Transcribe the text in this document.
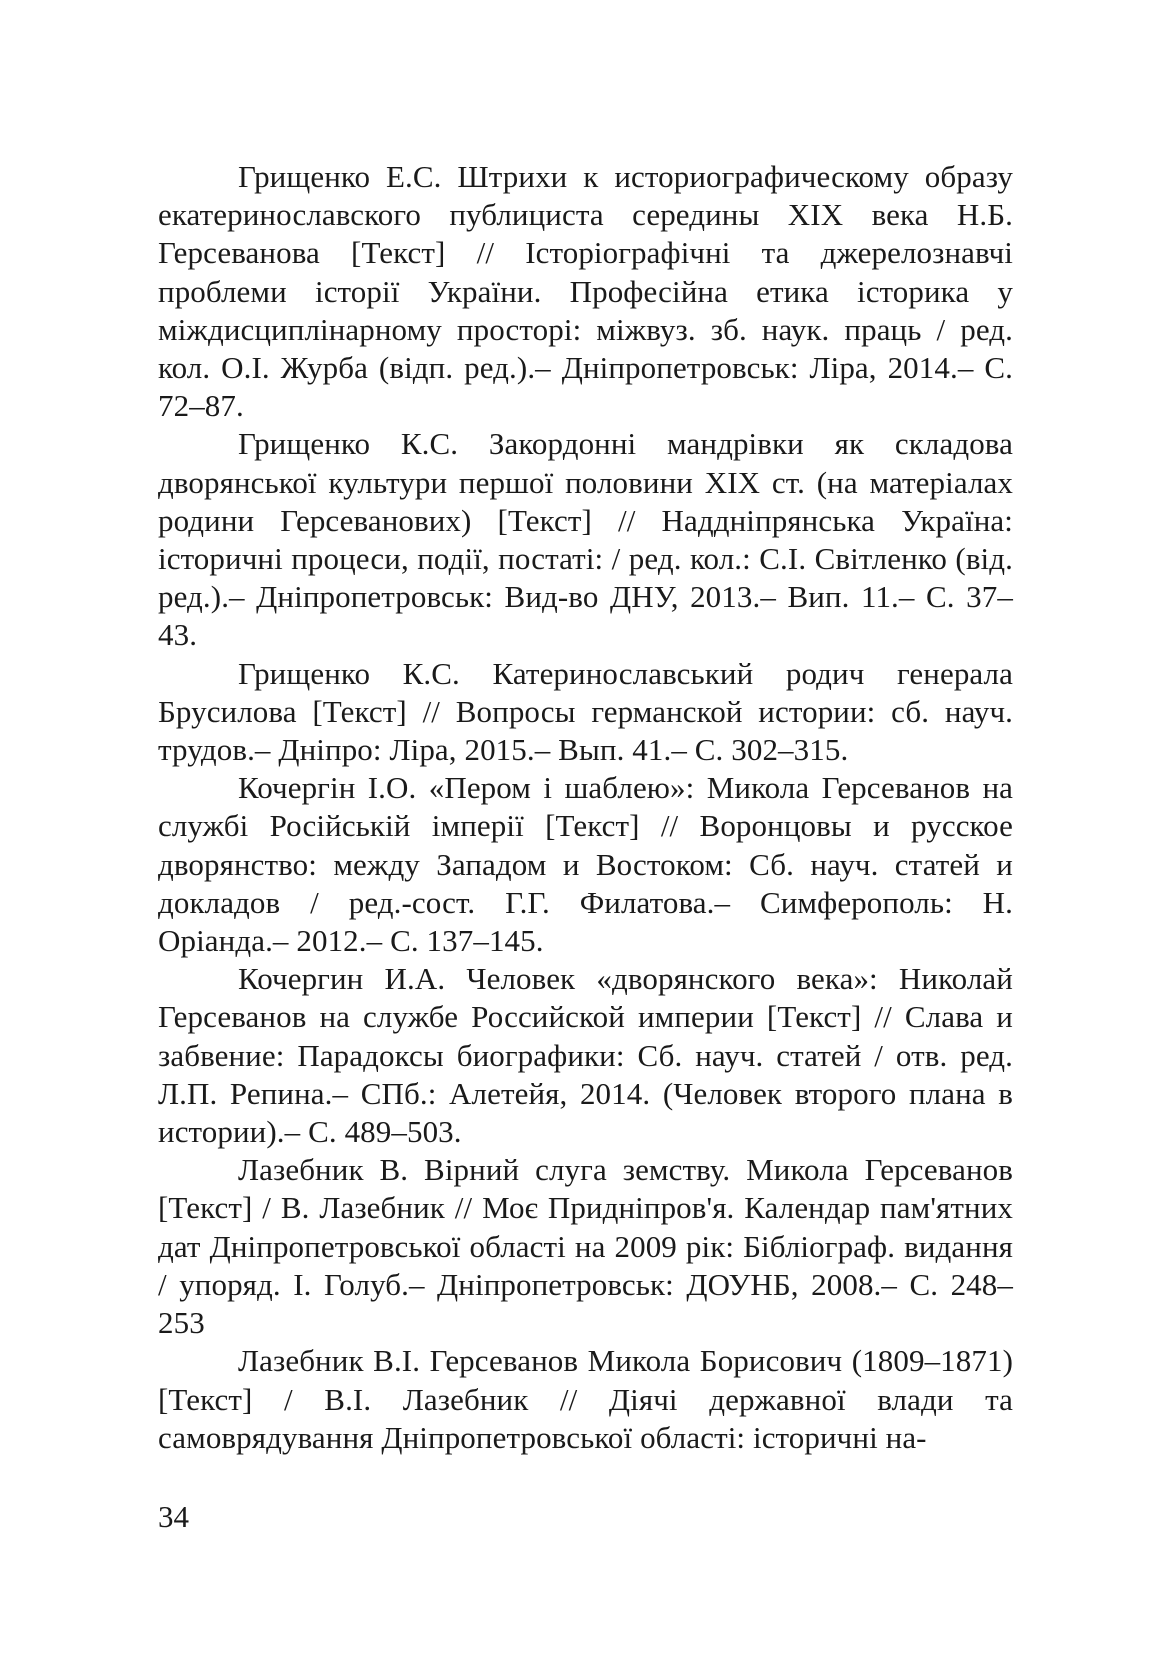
Грищенко Е.С. Штрихи к историографическому образу екатеринославского публициста середины XIX века Н.Б. Герсеванова [Текст] // Історіографічні та джерелознавчі проблеми історії України. Професійна етика історика у міждисциплінарному просторі: міжвуз. зб. наук. праць / ред. кол. О.І. Журба (відп. ред.).– Дніпропетровськ: Ліра, 2014.– С. 72–87.

Грищенко К.С. Закордонні мандрівки як складова дворянської культури першої половини XIX ст. (на матеріалах родини Герсеванових) [Текст] // Наддніпрянська Україна: історичні процеси, події, постаті: / ред. кол.: С.І. Світленко (від. ред.).– Дніпропетровськ: Вид-во ДНУ, 2013.– Вип. 11.– С. 37–43.

Грищенко К.С. Катеринославський родич генерала Брусилова [Текст] // Вопросы германской истории: сб. науч. трудов.– Дніпро: Ліра, 2015.– Вып. 41.– С. 302–315.

Кочергін І.О. «Пером і шаблею»: Микола Герсеванов на службі Російській імперії [Текст] // Воронцовы и русское дворянство: между Западом и Востоком: Сб. науч. статей и докладов / ред.-сост. Г.Г. Филатова.– Симферополь: Н. Оріанда.– 2012.– С. 137–145.

Кочергин И.А. Человек «дворянского века»: Николай Герсеванов на службе Российской империи [Текст] // Слава и забвение: Парадоксы биографики: Сб. науч. статей / отв. ред. Л.П. Репина.– СПб.: Алетейя, 2014. (Человек второго плана в истории).– С. 489–503.

Лазебник В. Вірний слуга земству. Микола Герсеванов [Текст] / В. Лазебник // Моє Придніпров'я. Календар пам'ятних дат Дніпропетровської області на 2009 рік: Бібліограф. видання / упоряд. І. Голуб.– Дніпропетровськ: ДОУНБ, 2008.– С. 248–253

Лазебник В.І. Герсеванов Микола Борисович (1809–1871) [Текст] / В.І. Лазебник // Діячі державної влади та самоврядування Дніпропетровської області: історичні на-

34
